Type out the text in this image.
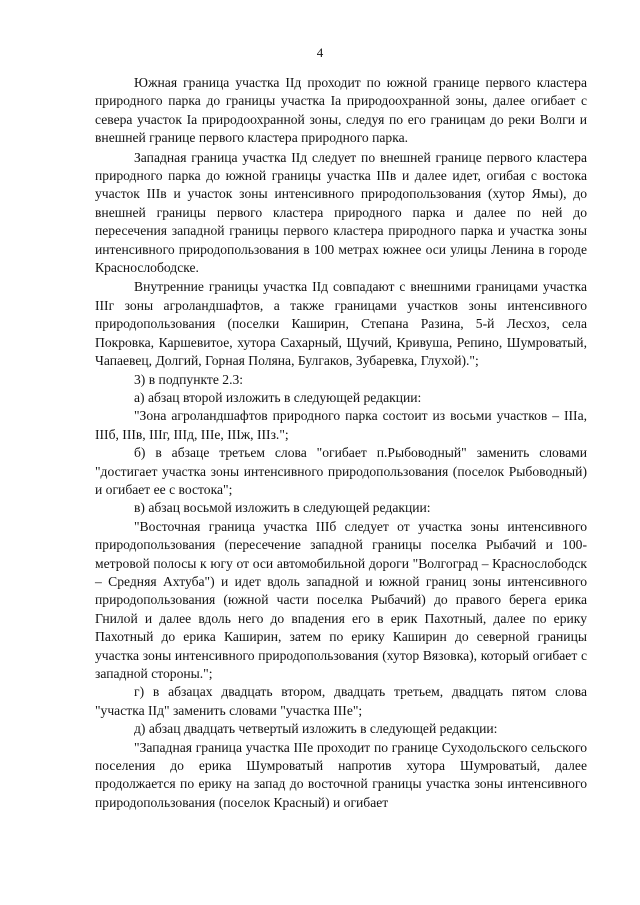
4

Южная граница участка IIд проходит по южной границе первого кластера природного парка до границы участка Iа природоохранной зоны, далее огибает с севера участок Iа природоохранной зоны, следуя по его границам до реки Волги и внешней границе первого кластера природного парка.

Западная граница участка IIд следует по внешней границе первого кластера природного парка до южной границы участка IIIв и далее идет, огибая с востока участок IIIв и участок зоны интенсивного природопользования (хутор Ямы), до внешней границы первого кластера природного парка и далее по ней до пересечения западной границы первого кластера природного парка и участка зоны интенсивного природопользования в 100 метрах южнее оси улицы Ленина в городе Краснослободске.

Внутренние границы участка IIд совпадают с внешними границами участка IIIг зоны агроландшафтов, а также границами участков зоны интенсивного природопользования (поселки Каширин, Степана Разина, 5-й Лесхоз, села Покровка, Каршевитое, хутора Сахарный, Щучий, Кривуша, Репино, Шумроватый, Чапаевец, Долгий, Горная Поляна, Булгаков, Зубаревка, Глухой).";

3) в подпункте 2.3:

а) абзац второй изложить в следующей редакции:

"Зона агроландшафтов природного парка состоит из восьми участков – IIIа, IIIб, IIIв, IIIг, IIIд, IIIе, IIIж, IIIз.";

б) в абзаце третьем слова "огибает п.Рыбоводный" заменить словами "достигает участка зоны интенсивного природопользования (поселок Рыбоводный) и огибает ее с востока";

в) абзац восьмой изложить в следующей редакции:

"Восточная граница участка IIIб следует от участка зоны интенсивного природопользования (пересечение западной границы поселка Рыбачий и 100-метровой полосы к югу от оси автомобильной дороги "Волгоград – Краснослободск – Средняя Ахтуба") и идет вдоль западной и южной границ зоны интенсивного природопользования (южной части поселка Рыбачий) до правого берега ерика Гнилой и далее вдоль него до впадения его в ерик Пахотный, далее по ерику Пахотный до ерика Каширин, затем по ерику Каширин до северной границы участка зоны интенсивного природопользования (хутор Вязовка), который огибает с западной стороны.";

г) в абзацах двадцать втором, двадцать третьем, двадцать пятом слова "участка IIд" заменить словами "участка IIIе";

д) абзац двадцать четвертый изложить в следующей редакции:

"Западная граница участка IIIе проходит по границе Суходольского сельского поселения до ерика Шумроватый напротив хутора Шумроватый, далее продолжается по ерику на запад до восточной границы участка зоны интенсивного природопользования (поселок Красный) и огибает
